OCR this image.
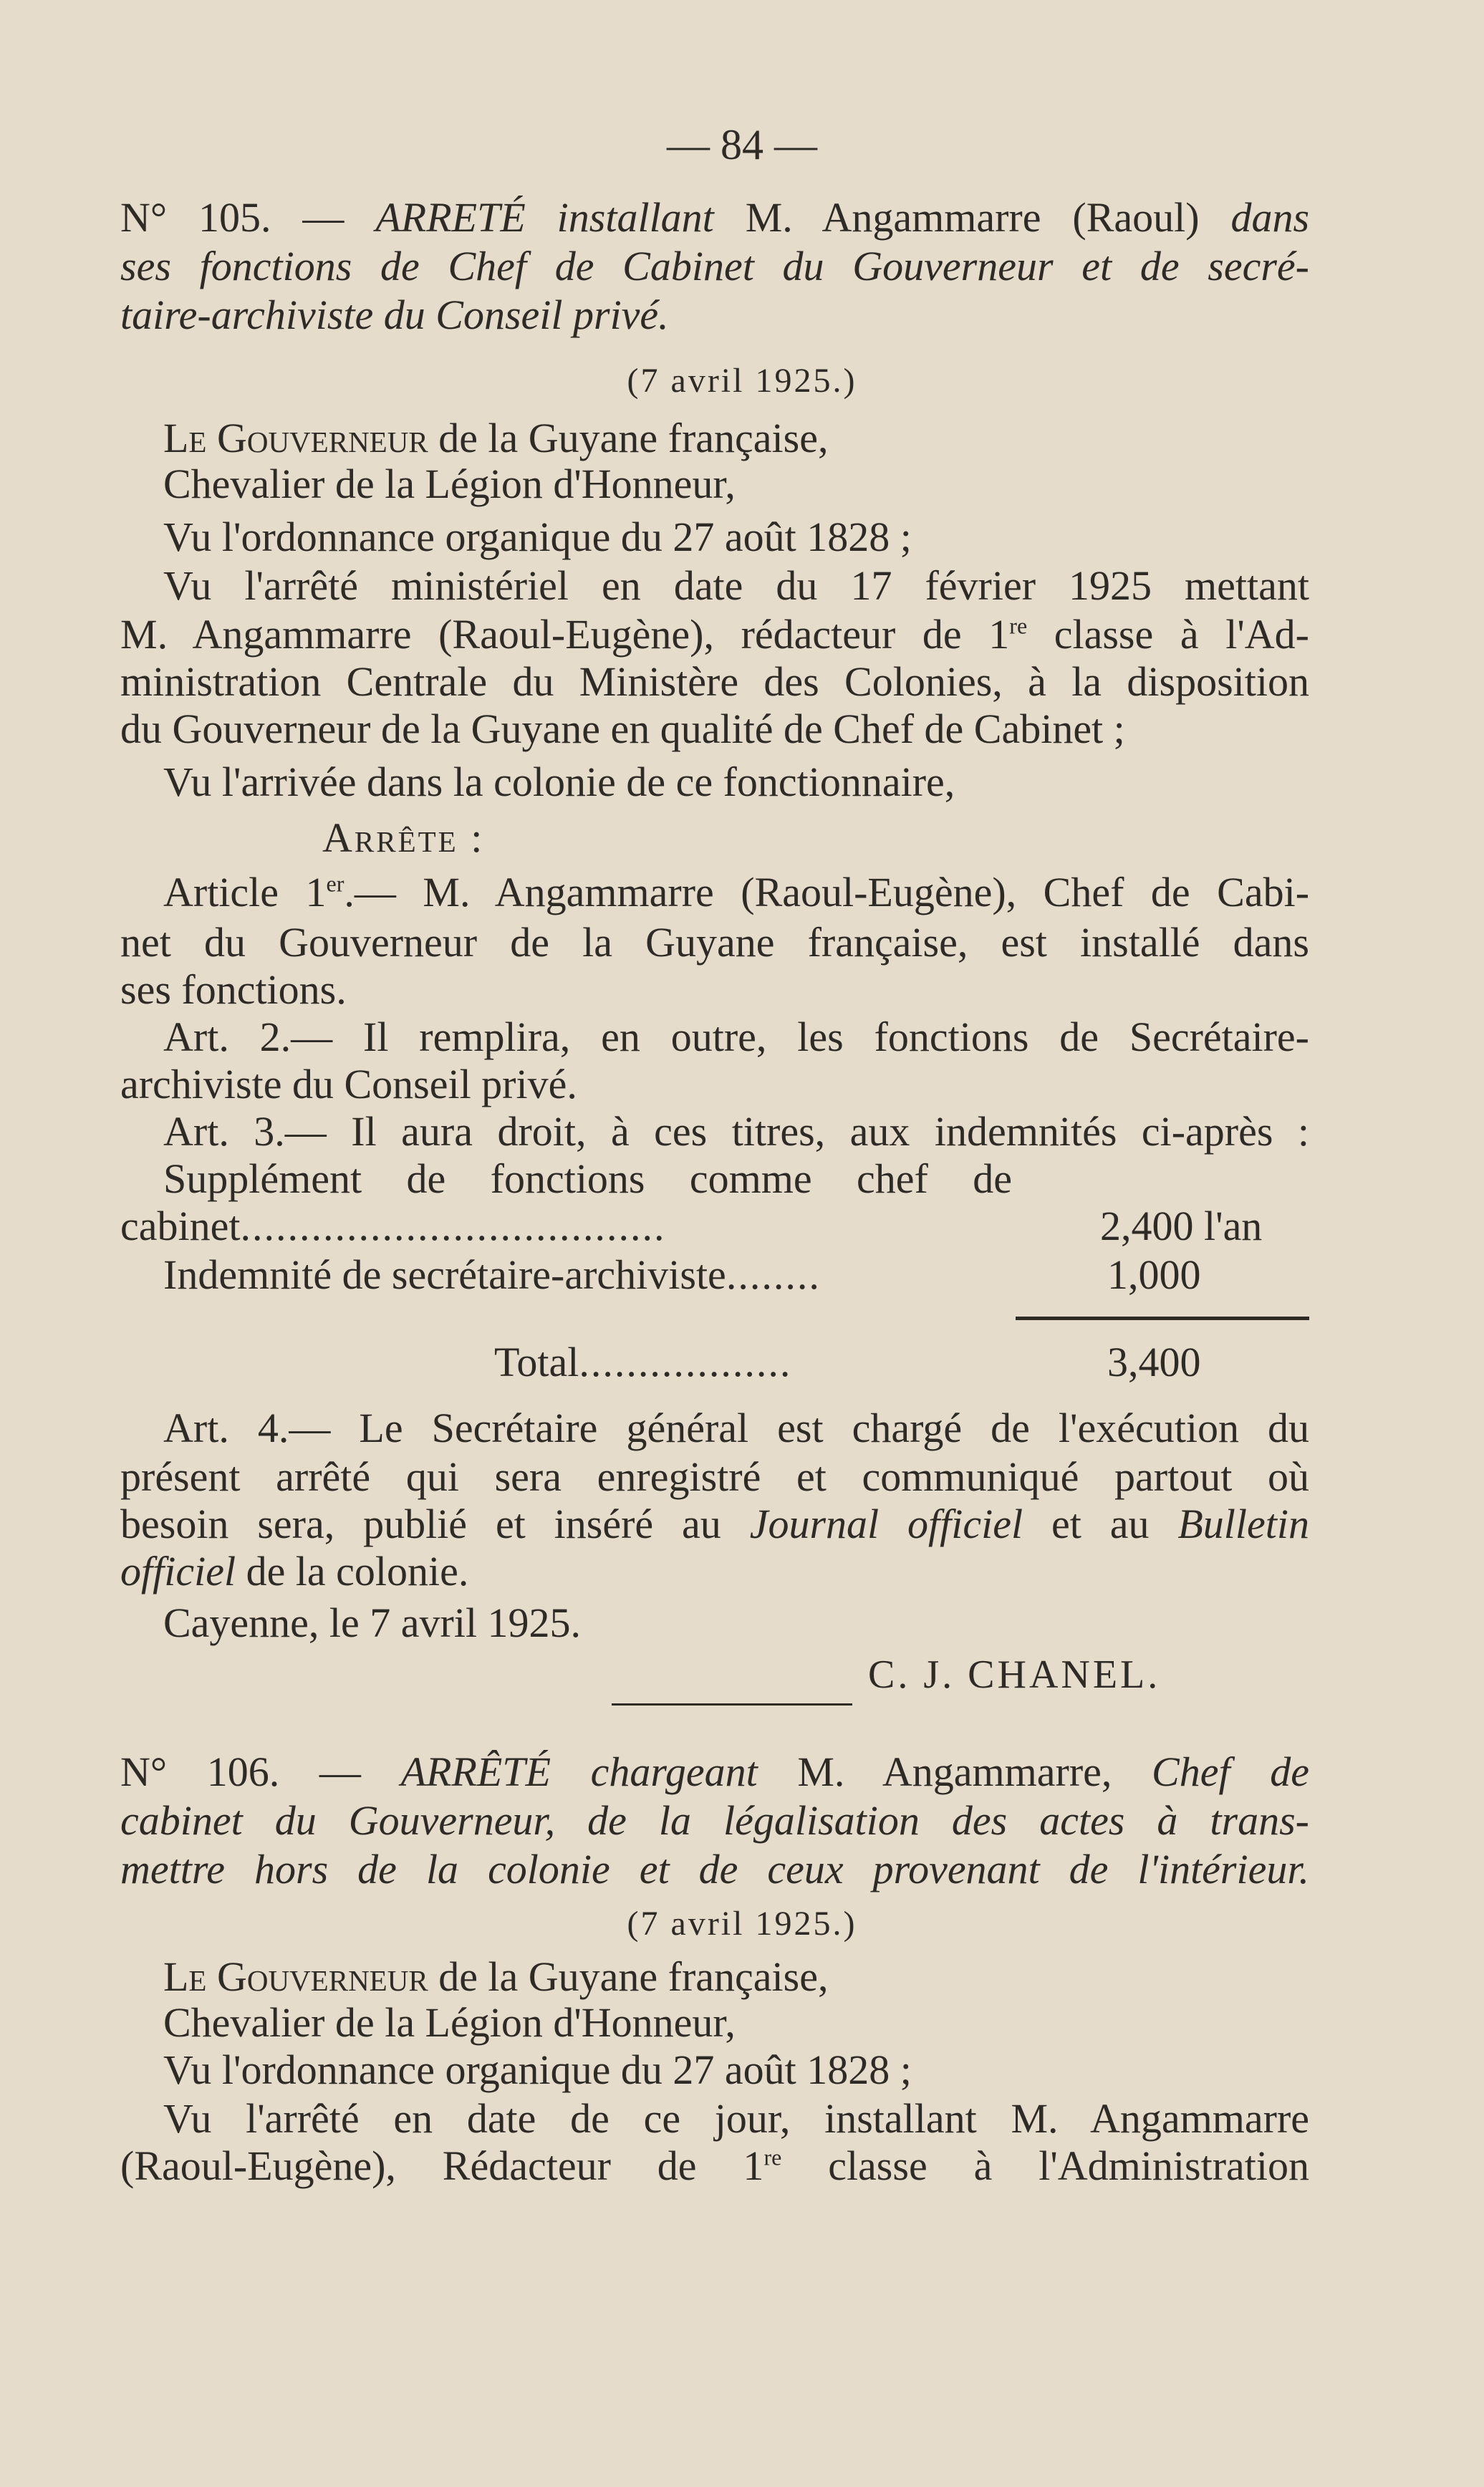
— 84 —
N° 105. — ARRETÉ installant M. Angammarre (Raoul) dans
ses fonctions de Chef de Cabinet du Gouverneur et de secré-
taire-archiviste du Conseil privé.
(7 avril 1925.)
Le Gouverneur de la Guyane française,
Chevalier de la Légion d'Honneur,
Vu l'ordonnance organique du 27 août 1828 ;
Vu l'arrêté ministériel en date du 17 février 1925 mettant
M. Angammarre (Raoul-Eugène), rédacteur de 1re classe à l'Ad-
ministration Centrale du Ministère des Colonies, à la disposition
du Gouverneur de la Guyane en qualité de Chef de Cabinet ;
Vu l'arrivée dans la colonie de ce fonctionnaire,
Arrête :
Article 1er.— M. Angammarre (Raoul-Eugène), Chef de Cabi-
net du Gouverneur de la Guyane française, est installé dans
ses fonctions.
Art. 2.— Il remplira, en outre, les fonctions de Secrétaire-
archiviste du Conseil privé.
Art. 3.— Il aura droit, à ces titres, aux indemnités ci-après :
Supplément de fonctions comme chef de
cabinet....................................	2,400 l'an
Indemnité de secrétaire-archiviste........	1,000
Total..................	3,400
Art. 4.— Le Secrétaire général est chargé de l'exécution du
présent arrêté qui sera enregistré et communiqué partout où
besoin sera, publié et inséré au Journal officiel et au Bulletin
officiel de la colonie.
Cayenne, le 7 avril 1925.
C. J. CHANEL.
N° 106. — ARRÊTÉ chargeant M. Angammarre, Chef de
cabinet du Gouverneur, de la légalisation des actes à trans-
mettre hors de la colonie et de ceux provenant de l'intérieur.
(7 avril 1925.)
Le Gouverneur de la Guyane française,
Chevalier de la Légion d'Honneur,
Vu l'ordonnance organique du 27 août 1828 ;
Vu l'arrêté en date de ce jour, installant M. Angammarre
(Raoul-Eugène), Rédacteur de 1re classe à l'Administration
